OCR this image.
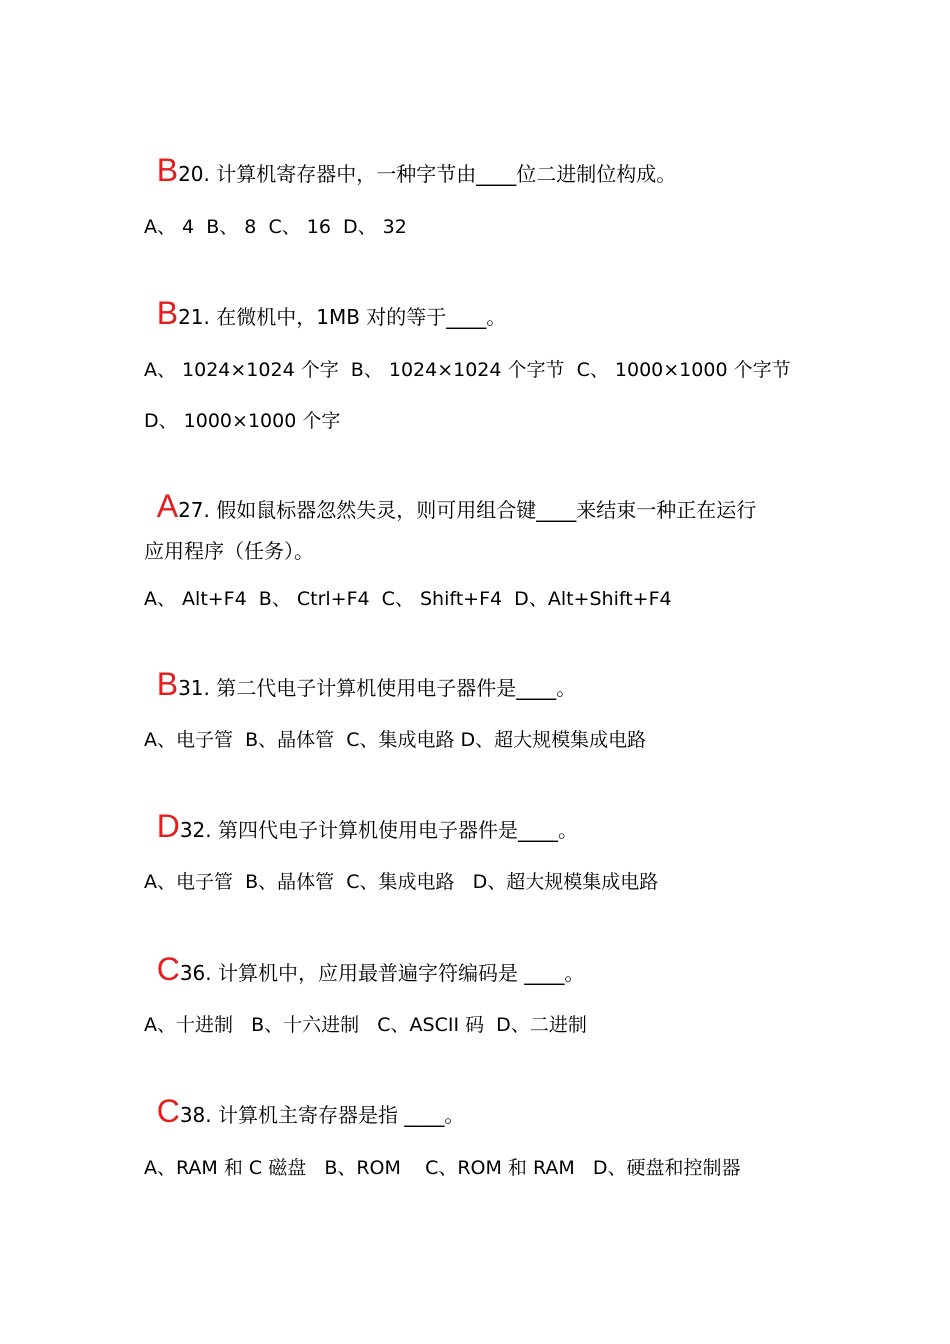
B20. 计算机寄存器中，一种字节由____位二进制位构成。

A、 4  B、 8  C、 16  D、 32

B21. 在微机中，1MB 对的等于____。

A、 1024×1024 个字  B、 1024×1024 个字节  C、 1000×1000 个字节
D、 1000×1000 个字

A27. 假如鼠标器忽然失灵，则可用组合键____来结束一种正在运行

应用程序（任务）。
A、 Alt+F4  B、 Ctrl+F4  C、 Shift+F4  D、Alt+Shift+F4

B31. 第二代电子计算机使用电子器件是____。

A、电子管  B、晶体管  C、集成电路 D、超大规模集成电路

D32. 第四代电子计算机使用电子器件是____。

A、电子管  B、晶体管  C、集成电路   D、超大规模集成电路

C36. 计算机中，应用最普遍字符编码是 ____。

A、十进制   B、十六进制   C、ASCII 码  D、二进制

C38. 计算机主寄存器是指 ____。

A、RAM 和 C 磁盘   B、ROM    C、ROM 和 RAM   D、硬盘和控制器
